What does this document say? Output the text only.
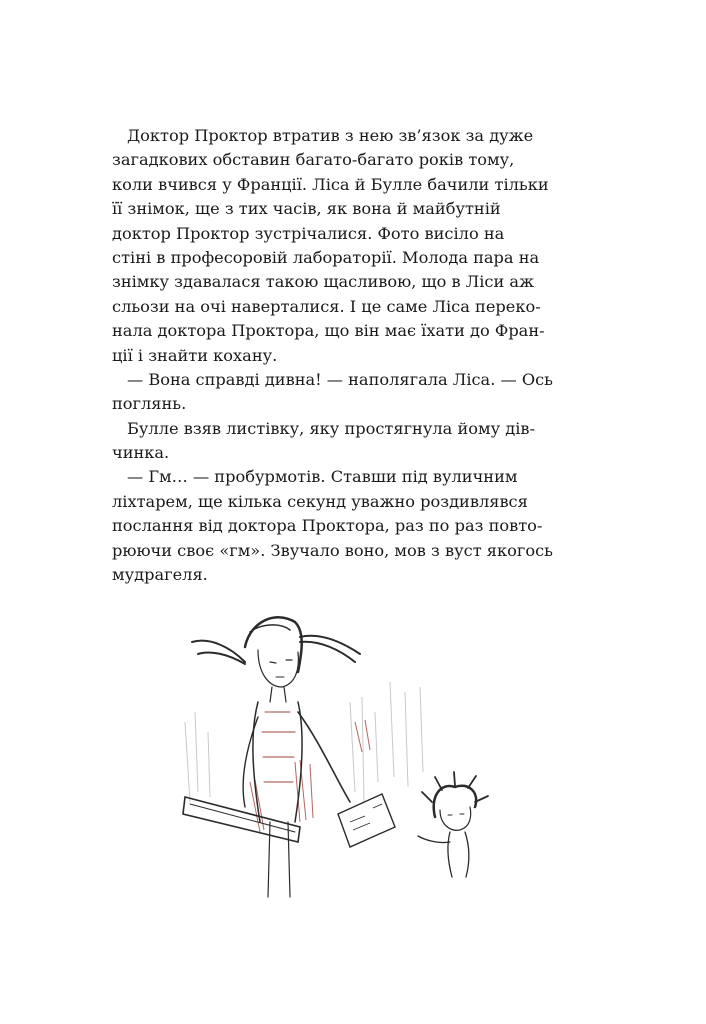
Доктор Проктор втратив з нею зв’язок за дуже
загадкових обставин багато-багато років тому,
коли вчився у Франції. Ліса й Булле бачили тільки
її знімок, ще з тих часів, як вона й майбутній
доктор Проктор зустрічалися. Фото висіло на
стіні в професоровій лабораторії. Молода пара на
знімку здавалася такою щасливою, що в Ліси аж
сльози на очі наверталися. І це саме Ліса переко-
нала доктора Проктора, що він має їхати до Фран-
ції і знайти кохану.
— Вона справді дивна! — наполягала Ліса. — Ось
поглянь.
Булле взяв листівку, яку простягнула йому дів-
чинка.
— Гм… — пробурмотів. Ставши під вуличним
ліхтарем, ще кілька секунд уважно роздивлявся
послання від доктора Проктора, раз по раз повто-
рюючи своє «гм». Звучало воно, мов з вуст якогось
мудрагеля.
